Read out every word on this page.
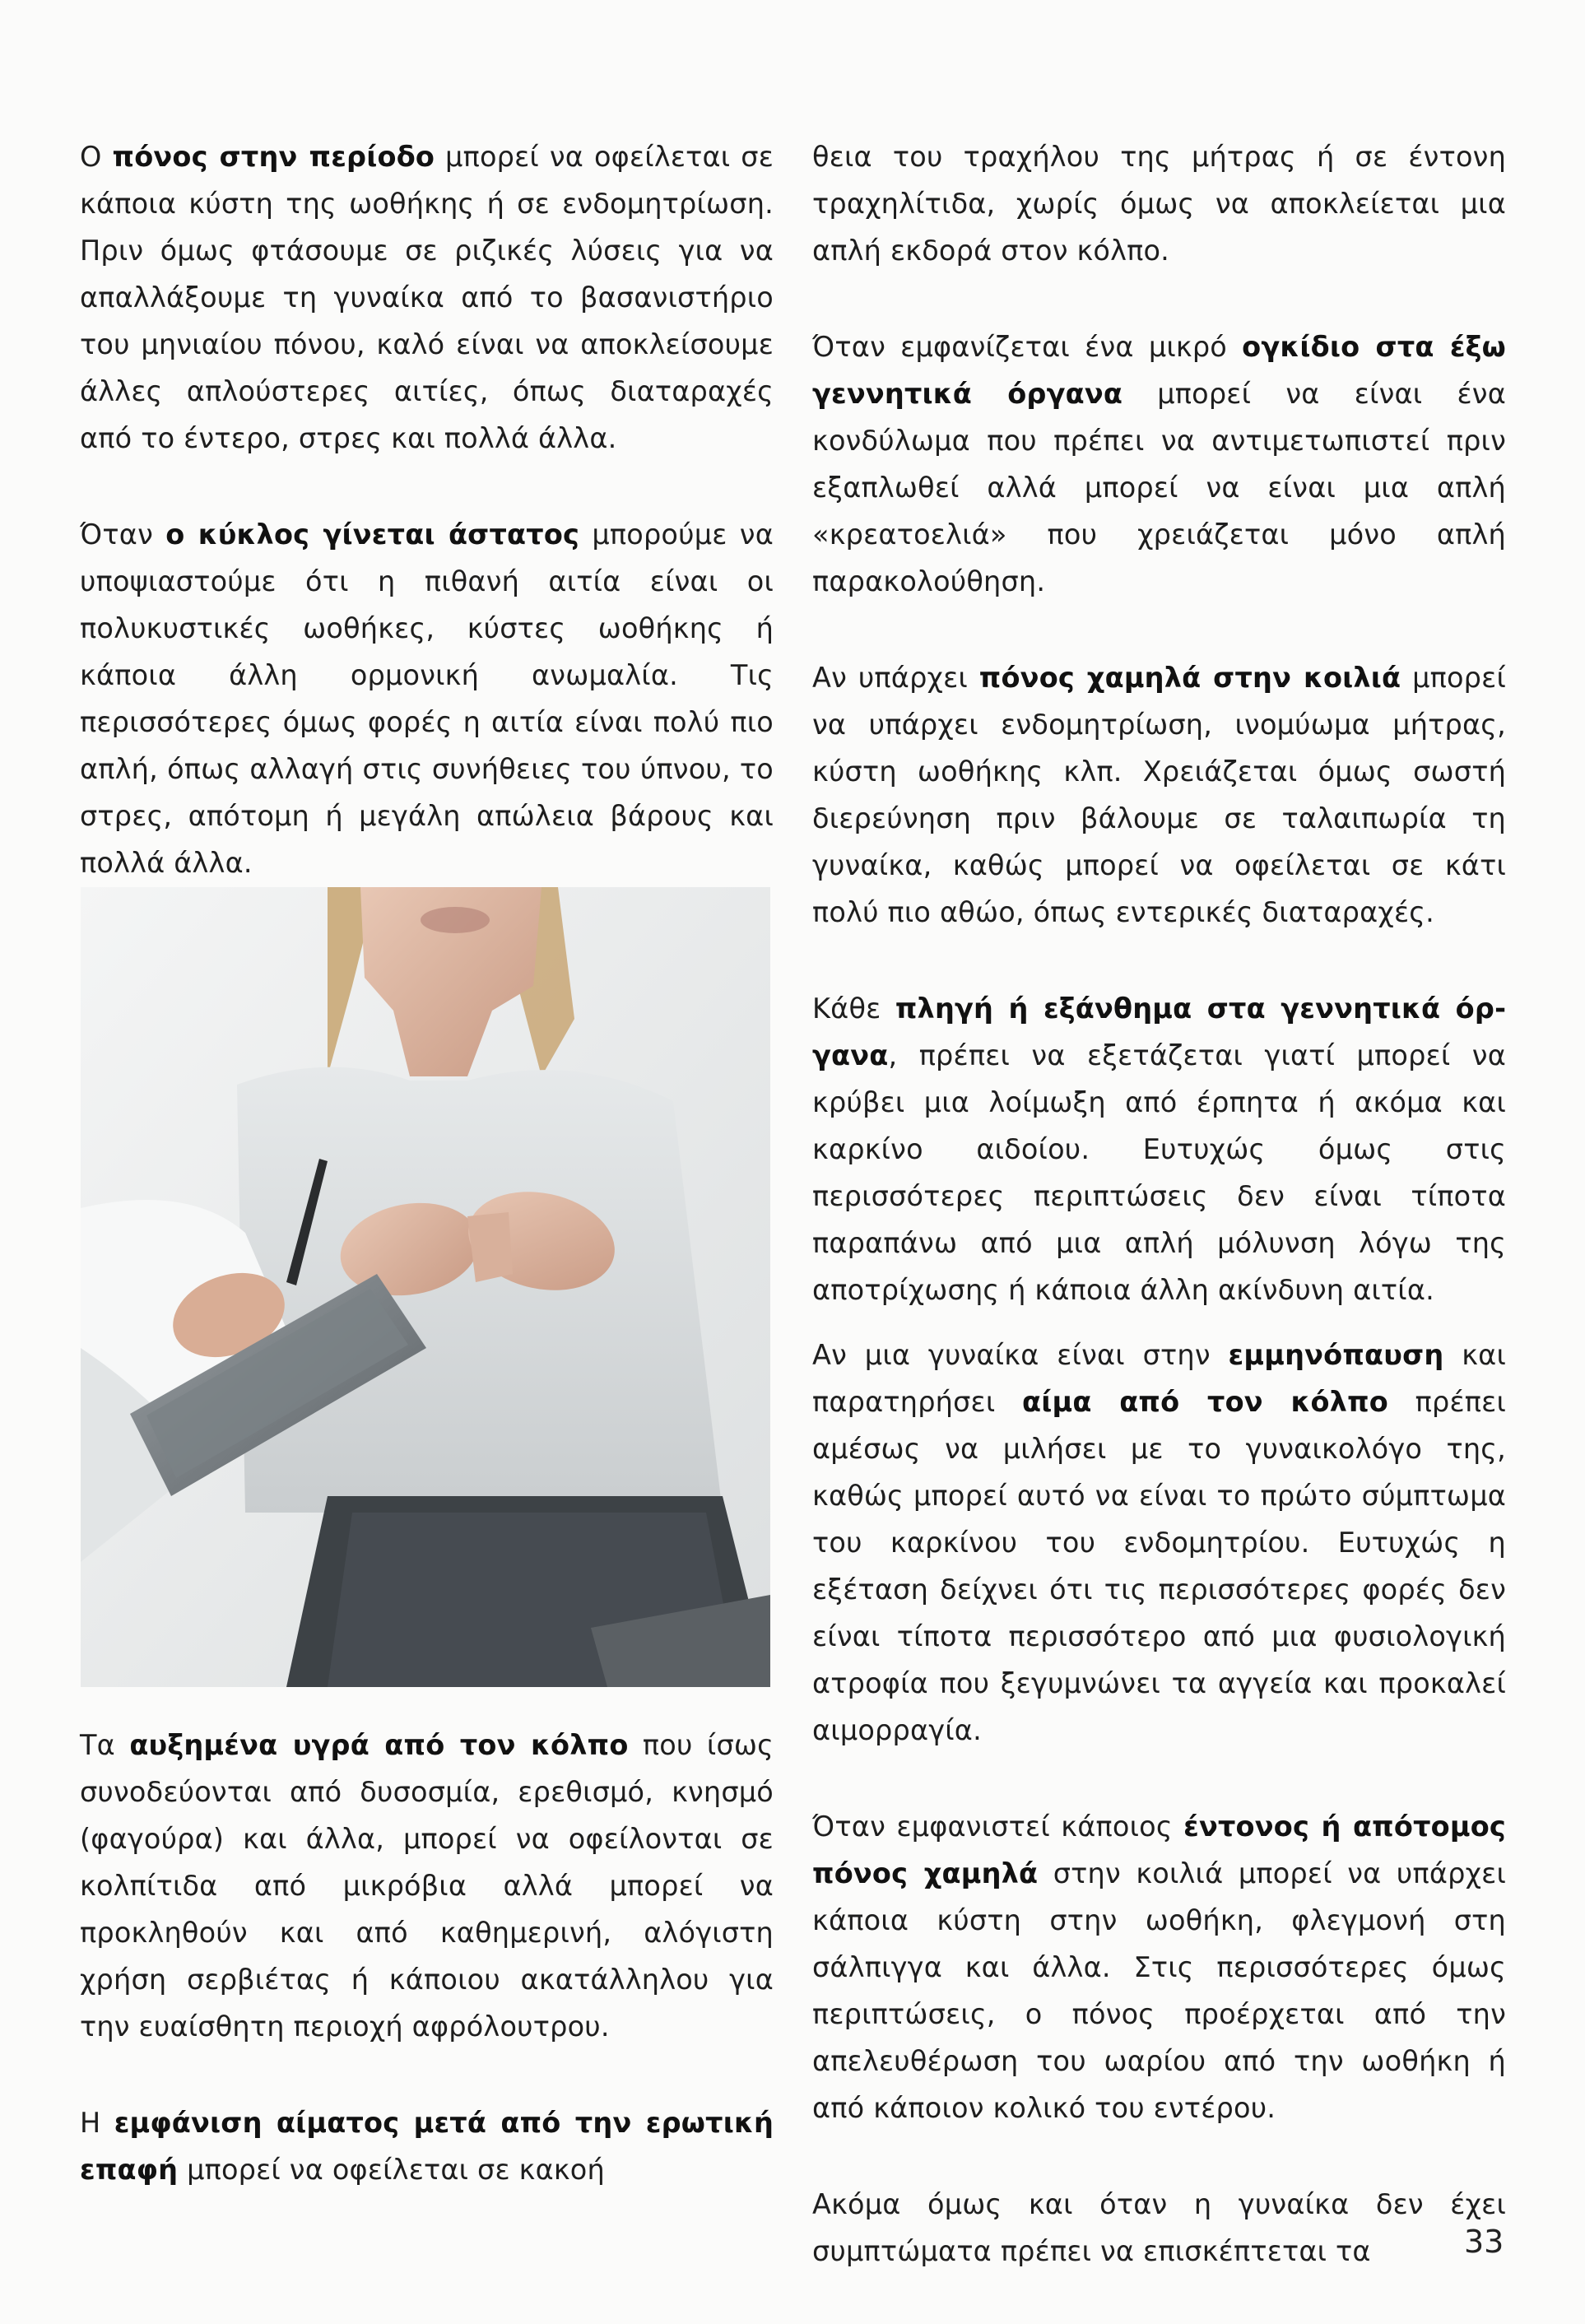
Ο πόνος στην περίοδο μπορεί να οφείλεται σε κάποια κύστη της ωοθήκης ή σε ενδομητρίωση. Πριν όμως φτάσουμε σε ριζικές λύσεις για να απαλλάξουμε τη γυναίκα από το βασανιστήριο του μηνιαίου πόνου, καλό είναι να αποκλείσουμε άλλες απλούστερες αιτίες, όπως διαταραχές από το έντερο, στρες και πολλά άλλα.

Όταν ο κύκλος γίνεται άστατος μπορούμε να υποψιαστούμε ότι η πιθανή αιτία είναι οι πολυκυστικές ωοθήκες, κύστες ωοθήκης ή κάποια άλλη ορμονική ανωμαλία. Τις περισσότερες όμως φορές η αιτία είναι πολύ πιο απλή, όπως αλλαγή στις συνήθειες του ύπνου, το στρες, απότομη ή μεγάλη απώλεια βάρους και πολλά άλλα.

Τα αυξημένα υγρά από τον κόλπο που ίσως συνοδεύονται από δυσοσμία, ερεθισμό, κνησμό (φαγούρα) και άλλα, μπορεί να οφείλονται σε κολπίτιδα από μικρόβια αλλά μπορεί να προκληθούν και από καθημερινή, αλόγιστη χρήση σερβιέτας ή κάποιου ακατάλληλου για την ευαίσθητη περιοχή αφρόλουτρου.

Η εμφάνιση αίματος μετά από την ερωτική επαφή μπορεί να οφείλεται σε κακοή

θεια του τραχήλου της μήτρας ή σε έντονη τραχηλίτιδα, χωρίς όμως να αποκλείεται μια απλή εκδορά στον κόλπο.

Όταν εμφανίζεται ένα μικρό ογκίδιο στα έξω γεννητικά όργανα μπορεί να είναι ένα κονδύλωμα που πρέπει να αντιμετωπιστεί πριν εξαπλωθεί αλλά μπορεί να είναι μια απλή «κρεατοελιά» που χρειάζεται μόνο απλή παρακολούθηση.

Αν υπάρχει πόνος χαμηλά στην κοιλιά μπορεί να υπάρχει ενδομητρίωση, ινομύωμα μήτρας, κύστη ωοθήκης κλπ. Χρειάζεται όμως σωστή διερεύνηση πριν βάλουμε σε ταλαιπωρία τη γυναίκα, καθώς μπορεί να οφείλεται σε κάτι πολύ πιο αθώο, όπως εντερικές διαταραχές.

Κάθε πληγή ή εξάνθημα στα γεννητικά όργανα, πρέπει να εξετάζεται γιατί μπορεί να κρύβει μια λοίμωξη από έρπητα ή ακόμα και καρκίνο αιδοίου. Ευτυχώς όμως στις περισσότερες περιπτώσεις δεν είναι τίποτα παραπάνω από μια απλή μόλυνση λόγω της αποτρίχωσης ή κάποια άλλη ακίνδυνη αιτία.

Αν μια γυναίκα είναι στην εμμηνόπαυση και παρατηρήσει αίμα από τον κόλπο πρέπει αμέσως να μιλήσει με το γυναικολόγο της, καθώς μπορεί αυτό να είναι το πρώτο σύμπτωμα του καρκίνου του ενδομητρίου. Ευτυχώς η εξέταση δείχνει ότι τις περισσότερες φορές δεν είναι τίποτα περισσότερο από μια φυσιολογική ατροφία που ξεγυμνώνει τα αγγεία και προκαλεί αιμορραγία.

Όταν εμφανιστεί κάποιος έντονος ή απότομος πόνος χαμηλά στην κοιλιά μπορεί να υπάρχει κάποια κύστη στην ωοθήκη, φλεγμονή στη σάλπιγγα και άλλα. Στις περισσότερες όμως περιπτώσεις, ο πόνος προέρχεται από την απελευθέρωση του ωαρίου από την ωοθήκη ή από κάποιον κολικό του εντέρου.

Ακόμα όμως και όταν η γυναίκα δεν έχει συμπτώματα πρέπει να επισκέπτεται τα	33
